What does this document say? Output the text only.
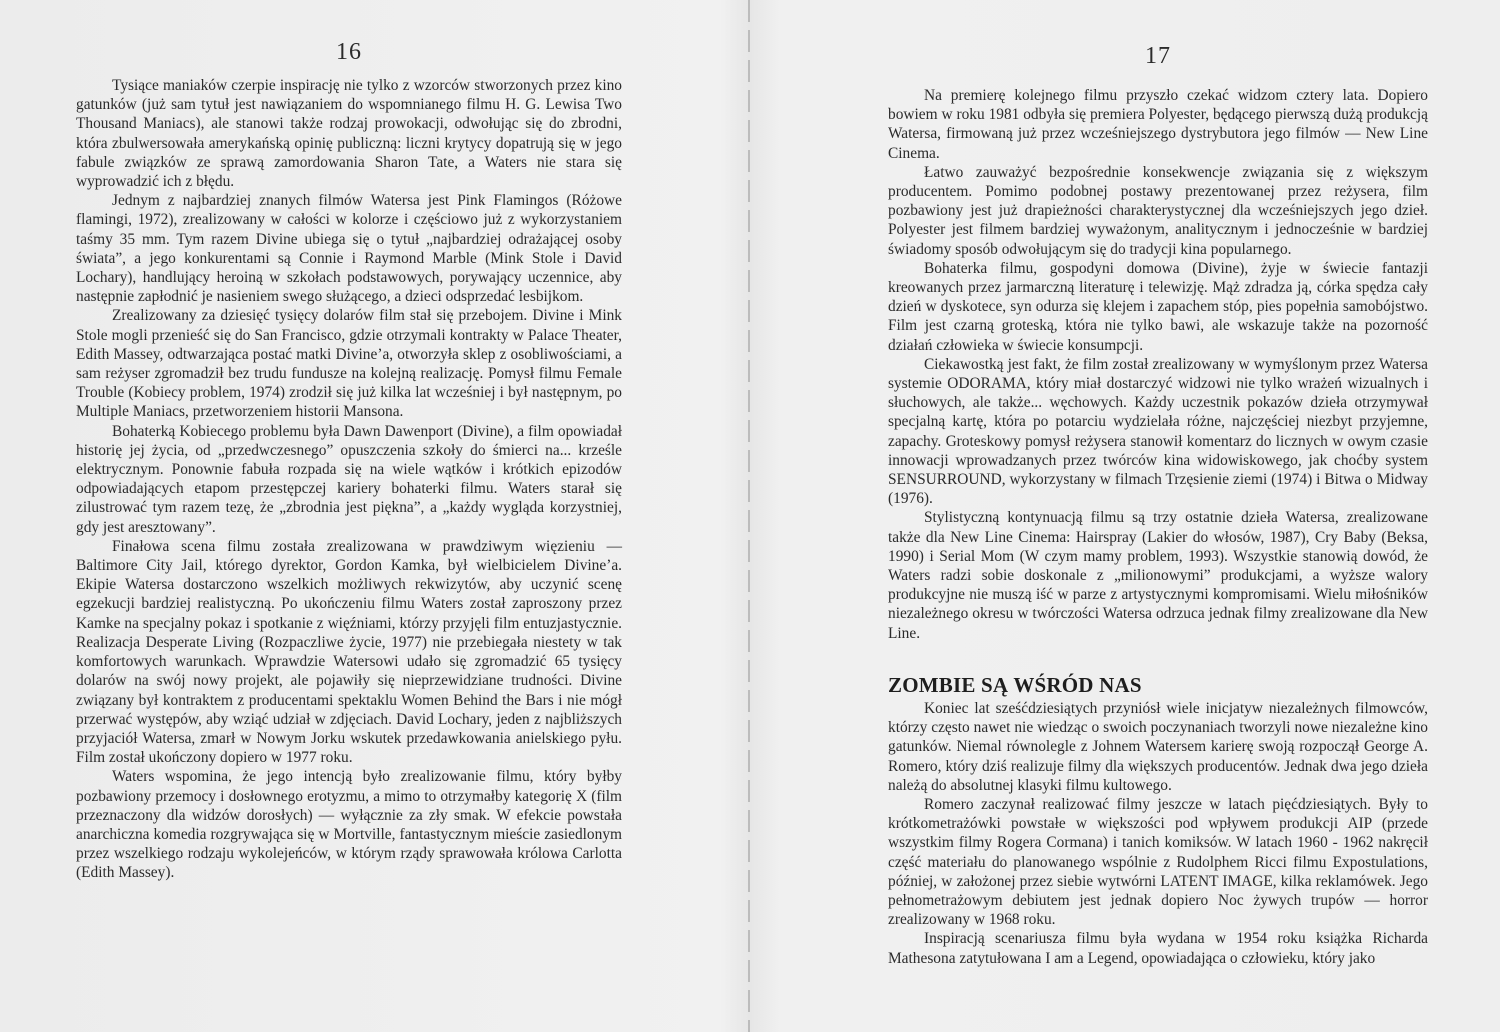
16

Tysiące maniaków czerpie inspirację nie tylko z wzorców stworzonych przez kino gatunków (już sam tytuł jest nawiązaniem do wspomnianego filmu H. G. Lewisa Two Thousand Maniacs), ale stanowi także rodzaj prowokacji, odwołując się do zbrodni, która zbulwersowała amerykańską opinię publiczną: liczni krytycy dopatrują się w jego fabule związków ze sprawą zamordowania Sharon Tate, a Waters nie stara się wyprowadzić ich z błędu.

Jednym z najbardziej znanych filmów Watersa jest Pink Flamingos (Różowe flamingi, 1972), zrealizowany w całości w kolorze i częściowo już z wykorzystaniem taśmy 35 mm. Tym razem Divine ubiega się o tytuł „najbardziej odrażającej osoby świata”, a jego konkurentami są Connie i Raymond Marble (Mink Stole i David Lochary), handlujący heroiną w szkołach podstawowych, porywający uczennice, aby następnie zapłodnić je nasieniem swego służącego, a dzieci odsprzedać lesbijkom.

Zrealizowany za dziesięć tysięcy dolarów film stał się przebojem. Divine i Mink Stole mogli przenieść się do San Francisco, gdzie otrzymali kontrakty w Palace Theater, Edith Massey, odtwarzająca postać matki Divine’a, otworzyła sklep z osobliwościami, a sam reżyser zgromadził bez trudu fundusze na kolejną realizację. Pomysł filmu Female Trouble (Kobiecy problem, 1974) zrodził się już kilka lat wcześniej i był następnym, po Multiple Maniacs, przetworzeniem historii Mansona.

Bohaterką Kobiecego problemu była Dawn Dawenport (Divine), a film opowiadał historię jej życia, od „przedwczesnego” opuszczenia szkoły do śmierci na... krześle elektrycznym. Ponownie fabuła rozpada się na wiele wątków i krótkich epizodów odpowiadających etapom przestępczej kariery bohaterki filmu. Waters starał się zilustrować tym razem tezę, że „zbrodnia jest piękna”, a „każdy wygląda korzystniej, gdy jest aresztowany”.

Finałowa scena filmu została zrealizowana w prawdziwym więzieniu — Baltimore City Jail, którego dyrektor, Gordon Kamka, był wielbicielem Divine’a. Ekipie Watersa dostarczono wszelkich możliwych rekwizytów, aby uczynić scenę egzekucji bardziej realistyczną. Po ukończeniu filmu Waters został zaproszony przez Kamke na specjalny pokaz i spotkanie z więźniami, którzy przyjęli film entuzjastycznie. Realizacja Desperate Living (Rozpaczliwe życie, 1977) nie przebiegała niestety w tak komfortowych warunkach. Wprawdzie Watersowi udało się zgromadzić 65 tysięcy dolarów na swój nowy projekt, ale pojawiły się nieprzewidziane trudności. Divine związany był kontraktem z producentami spektaklu Women Behind the Bars i nie mógł przerwać występów, aby wziąć udział w zdjęciach. David Lochary, jeden z najbliższych przyjaciół Watersa, zmarł w Nowym Jorku wskutek przedawkowania anielskiego pyłu. Film został ukończony dopiero w 1977 roku.

Waters wspomina, że jego intencją było zrealizowanie filmu, który byłby pozbawiony przemocy i dosłownego erotyzmu, a mimo to otrzymałby kategorię X (film przeznaczony dla widzów dorosłych) — wyłącznie za zły smak. W efekcie powstała anarchiczna komedia rozgrywająca się w Mortville, fantastycznym mieście zasiedlonym przez wszelkiego rodzaju wykolejeńców, w którym rządy sprawowała królowa Carlotta (Edith Massey).

17

Na premierę kolejnego filmu przyszło czekać widzom cztery lata. Dopiero bowiem w roku 1981 odbyła się premiera Polyester, będącego pierwszą dużą produkcją Watersa, firmowaną już przez wcześniejszego dystrybutora jego filmów — New Line Cinema.

Łatwo zauważyć bezpośrednie konsekwencje związania się z większym producentem. Pomimo podobnej postawy prezentowanej przez reżysera, film pozbawiony jest już drapieżności charakterystycznej dla wcześniejszych jego dzieł. Polyester jest filmem bardziej wyważonym, analitycznym i jednocześnie w bardziej świadomy sposób odwołującym się do tradycji kina popularnego.

Bohaterka filmu, gospodyni domowa (Divine), żyje w świecie fantazji kreowanych przez jarmarczną literaturę i telewizję. Mąż zdradza ją, córka spędza cały dzień w dyskotece, syn odurza się klejem i zapachem stóp, pies popełnia samobójstwo. Film jest czarną groteską, która nie tylko bawi, ale wskazuje także na pozorność działań człowieka w świecie konsumpcji.

Ciekawostką jest fakt, że film został zrealizowany w wymyślonym przez Watersa systemie ODORAMA, który miał dostarczyć widzowi nie tylko wrażeń wizualnych i słuchowych, ale także... węchowych. Każdy uczestnik pokazów dzieła otrzymywał specjalną kartę, która po potarciu wydzielała różne, najczęściej niezbyt przyjemne, zapachy. Groteskowy pomysł reżysera stanowił komentarz do licznych w owym czasie innowacji wprowadzanych przez twórców kina widowiskowego, jak choćby system SENSURROUND, wykorzystany w filmach Trzęsienie ziemi (1974) i Bitwa o Midway (1976).

Stylistyczną kontynuacją filmu są trzy ostatnie dzieła Watersa, zrealizowane także dla New Line Cinema: Hairspray (Lakier do włosów, 1987), Cry Baby (Beksa, 1990) i Serial Mom (W czym mamy problem, 1993). Wszystkie stanowią dowód, że Waters radzi sobie doskonale z „milionowymi” produkcjami, a wyższe walory produkcyjne nie muszą iść w parze z artystycznymi kompromisami. Wielu miłośników niezależnego okresu w twórczości Watersa odrzuca jednak filmy zrealizowane dla New Line.

ZOMBIE SĄ WŚRÓD NAS

Koniec lat sześćdziesiątych przyniósł wiele inicjatyw niezależnych filmowców, którzy często nawet nie wiedząc o swoich poczynaniach tworzyli nowe niezależne kino gatunków. Niemal równolegle z Johnem Watersem karierę swoją rozpoczął George A. Romero, który dziś realizuje filmy dla większych producentów. Jednak dwa jego dzieła należą do absolutnej klasyki filmu kultowego.

Romero zaczynał realizować filmy jeszcze w latach pięćdziesiątych. Były to krótkometrażówki powstałe w większości pod wpływem produkcji AIP (przede wszystkim filmy Rogera Cormana) i tanich komiksów. W latach 1960 - 1962 nakręcił część materiału do planowanego wspólnie z Rudolphem Ricci filmu Expostulations, później, w założonej przez siebie wytwórni LATENT IMAGE, kilka reklamówek. Jego pełnometrażowym debiutem jest jednak dopiero Noc żywych trupów — horror zrealizowany w 1968 roku.

Inspiracją scenariusza filmu była wydana w 1954 roku książka Richarda Mathesona zatytułowana I am a Legend, opowiadająca o człowieku, który jako
